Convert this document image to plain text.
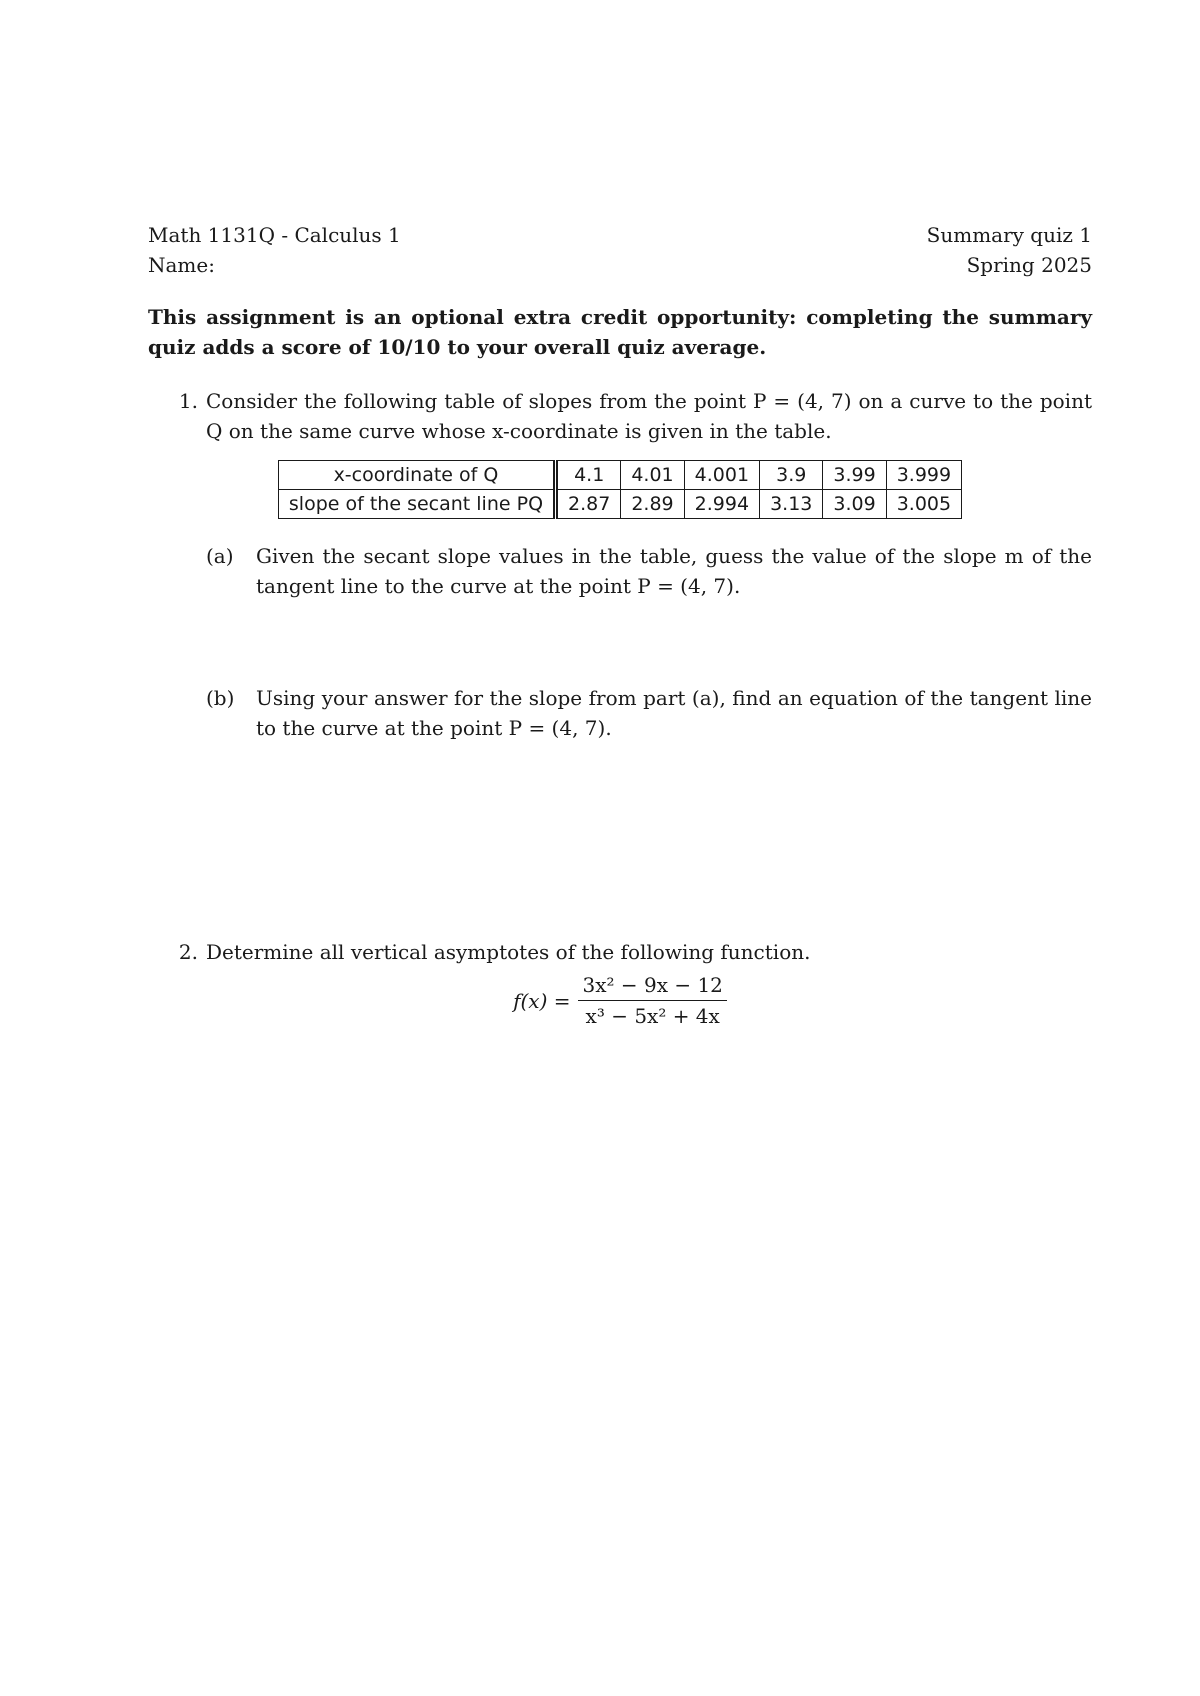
Math 1131Q - Calculus 1	Summary quiz 1
Name:	Spring 2025
This assignment is an optional extra credit opportunity: completing the summary quiz adds a score of 10/10 to your overall quiz average.
1. Consider the following table of slopes from the point P = (4, 7) on a curve to the point Q on the same curve whose x-coordinate is given in the table.
x-coordinate of Q	4.1	4.01	4.001	3.9	3.99	3.999
slope of the secant line PQ	2.87	2.89	2.994	3.13	3.09	3.005
(a)	Given the secant slope values in the table, guess the value of the slope m of the tangent line to the curve at the point P = (4, 7).
(b)	Using your answer for the slope from part (a), find an equation of the tangent line to the curve at the point P = (4, 7).
2. Determine all vertical asymptotes of the following function.
$f(x) = \frac{\text{3x² − 9x − 12}}{\text{x³ − 5x² + 4x}}$
